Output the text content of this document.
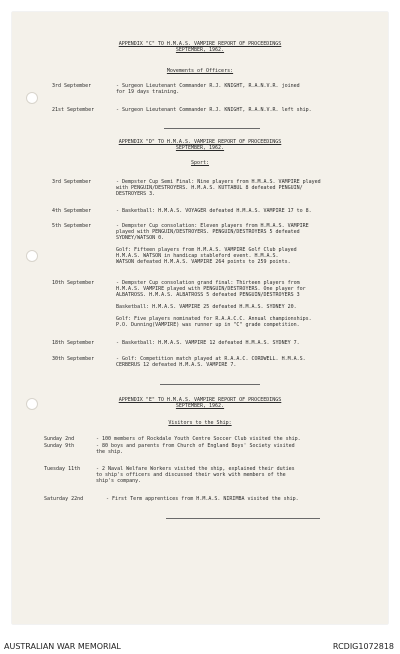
APPENDIX "C" TO H.M.A.S. VAMPIRE REPORT OF PROCEEDINGS
SEPTEMBER, 1962.
Movements of Officers:
3rd September	- Surgeon Lieutenant Commander R.J. KNIGHT, R.A.N.V.R. joined
for 19 days training.
21st September	- Surgeon Lieutenant Commander R.J. KNIGHT, R.A.N.V.R. left ship.
APPENDIX "D" TO H.M.A.S. VAMPIRE REPORT OF PROCEEDINGS
SEPTEMBER, 1962.
Sport:
3rd September	- Dempster Cup Semi Final: Nine players from H.M.A.S. VAMPIRE played
with PENGUIN/DESTROYERS. H.M.A.S. KUTTABUL 8 defeated PENGUIN/
DESTROYERS 3.
4th September	- Basketball: H.M.A.S. VOYAGER defeated H.M.A.S. VAMPIRE 17 to 8.
5th September	- Dempster Cup consolation: Eleven players from H.M.A.S. VAMPIRE
played with PENGUIN/DESTROYERS. PENGUIN/DESTROYERS 5 defeated
SYDNEY/WATSON 0.
Golf: Fifteen players from H.M.A.S. VAMPIRE Golf Club played
H.M.A.S. WATSON in handicap stableford event. H.M.A.S.
WATSON defeated H.M.A.S. VAMPIRE 264 points to 259 points.
10th September	- Dempster Cup consolation grand final: Thirteen players from
H.M.A.S. VAMPIRE played with PENGUIN/DESTROYERS. One player for
ALBATROSS. H.M.A.S. ALBATROSS 5 defeated PENGUIN/DESTROYERS 3
Basketball: H.M.A.S. VAMPIRE 25 defeated H.M.A.S. SYDNEY 20.
Golf: Five players nominated for R.A.A.C.C. Annual championships.
P.O. Dunning(VAMPIRE) was runner up in "C" grade competition.
18th September	- Basketball: H.M.A.S. VAMPIRE 12 defeated H.M.A.S. SYDNEY 7.
30th September	- Golf: Competition match played at R.A.A.C. CORDWELL. H.M.A.S.
CERBERUS 12 defeated H.M.A.S. VAMPIRE 7.
APPENDIX "E" TO H.M.A.S. VAMPIRE REPORT OF PROCEEDINGS
SEPTEMBER, 1962.
Visitors to the Ship:
Sunday 2nd	- 100 members of Rockdale Youth Centre Soccer Club visited the ship.
Sunday 9th	- 80 boys and parents from Church of England Boys' Society visited
the ship.
Tuesday 11th	- 2 Naval Welfare Workers visited the ship, explained their duties
to ship's officers and discussed their work with members of the
ship's company.
Saturday 22nd	- First Term apprentices from H.M.A.S. NIRIMBA visited the ship.
AUSTRALIAN WAR MEMORIAL	RCDIG1072818
